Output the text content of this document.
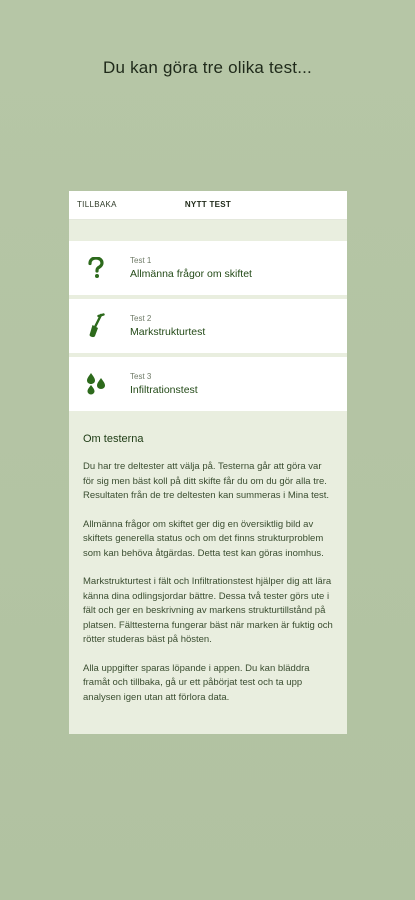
Du kan göra tre olika test...
TILLBAKA	NYTT TEST
Test 1
Allmänna frågor om skiftet
Test 2
Markstrukturtest
Test 3
Infiltrationstest
Om testerna

Du har tre deltester att välja på. Testerna går att göra var för sig men bäst koll på ditt skifte får du om du gör alla tre. Resultaten från de tre deltesten kan summeras i Mina test.

Allmänna frågor om skiftet ger dig en översiktlig bild av skiftets generella status och om det finns strukturproblem som kan behöva åtgärdas. Detta test kan göras inomhus.

Markstrukturtest i fält och Infiltrationstest hjälper dig att lära känna dina odlingsjordar bättre. Dessa två tester görs ute i fält och ger en beskrivning av markens strukturtillstånd på platsen. Fälttesterna fungerar bäst när marken är fuktig och rötter studeras bäst på hösten.

Alla uppgifter sparas löpande i appen. Du kan bläddra framåt och tillbaka, gå ur ett påbörjat test och ta upp analysen igen utan att förlora data.
